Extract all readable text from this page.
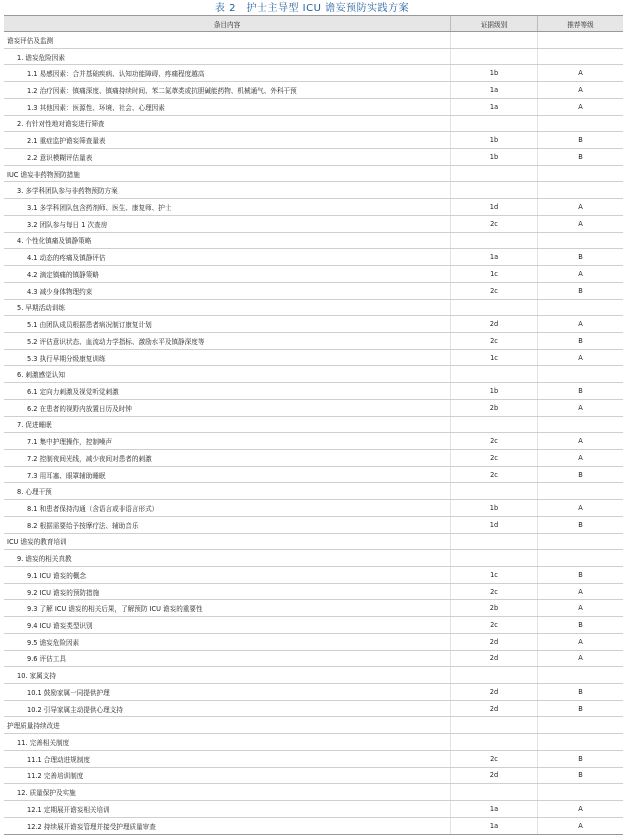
表 2　护士主导型 ICU 谵妄预防实践方案
条目内容	证据级别	推荐等级
谵妄评估及监测		
1. 谵妄危险因素		
1.1 易感因素：合并基础疾病、认知功能障碍、疼痛程度越高	1b	A
1.2 治疗因素：镇痛深度、镇痛持续时间、苯二氮䓬类或抗胆碱能药物、机械通气、外科干预	1a	A
1.3 其他因素：医源性、环境、社会、心理因素	1a	A
2. 有针对性地对谵妄进行筛查		
2.1 重症监护谵妄筛查量表	1b	B
2.2 意识模糊评估量表	1b	B
IUC 谵妄非药物预防措施		
3. 多学科团队参与非药物预防方案		
3.1 多学科团队包含药剂师、医生、康复师、护士	1d	A
3.2 团队参与每日 1 次查房	2c	A
4. 个性化镇痛及镇静策略		
4.1 动态的疼痛及镇静评估	1a	B
4.2 滴定镇痛的镇静策略	1c	A
4.3 减少身体物理约束	2c	B
5. 早期活动训练		
5.1 由团队成员根据患者病况制订康复计划	2d	A
5.2 评估意识状态、血流动力学指标、激励水平及镇静深度等	2c	B
5.3 执行早期分级康复训练	1c	A
6. 刺激感觉认知		
6.1 定向力刺激及视觉听觉刺激	1b	B
6.2 在患者的视野内放置日历及时钟	2b	A
7. 促进睡眠		
7.1 集中护理操作，控制噪声	2c	A
7.2 控制夜间光线，减少夜间对患者的刺激	2c	A
7.3 用耳塞、眼罩辅助睡眠	2c	B
8. 心理干预		
8.1 和患者保持沟通（含语言或非语言形式）	1b	A
8.2 根据需要给予按摩疗法、辅助音乐	1d	B
ICU 谵妄的教育培训		
9. 谵妄的相关真教		
9.1 ICU 谵妄的概念	1c	B
9.2 ICU 谵妄的预防措施	2c	A
9.3 了解 ICU 谵妄的相关后果，了解预防 ICU 谵妄的重要性	2b	A
9.4 ICU 谵妄类型识别	2c	B
9.5 谵妄危险因素	2d	A
9.6 评估工具	2d	A
10. 家属支持		
10.1 鼓励家属一同提供护理	2d	B
10.2 引导家属主动提供心理支持	2d	B
护理质量持续改进		
11. 完善相关制度		
11.1 合理动进规制度	2c	B
11.2 完善培训制度	2d	B
12. 质量保护及实施		
12.1 定期展开谵妄相关培训	1a	A
12.2 持续展开谵妄管理并接受护理质量审查	1a	A
